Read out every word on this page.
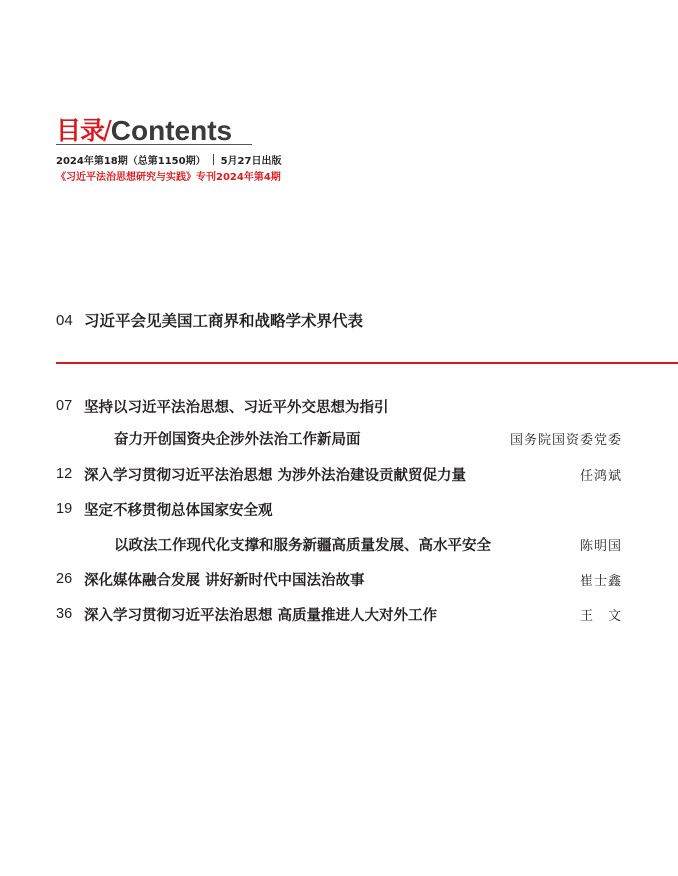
目录 / Contents
2024年第18期（总第1150期） 5月27日出版
《习近平法治思想研究与实践》专刊2024年第4期
04 习近平会见美国工商界和战略学术界代表
07 坚持以习近平法治思想、习近平外交思想为指引
奋力开创国资央企涉外法治工作新局面	国务院国资委党委
12 深入学习贯彻习近平法治思想 为涉外法治建设贡献贸促力量	任鸿斌
19 坚定不移贯彻总体国家安全观
以政法工作现代化支撑和服务新疆高质量发展、高水平安全	陈明国
26 深化媒体融合发展 讲好新时代中国法治故事	崔士鑫
36 深入学习贯彻习近平法治思想 高质量推进人大对外工作	王　文
